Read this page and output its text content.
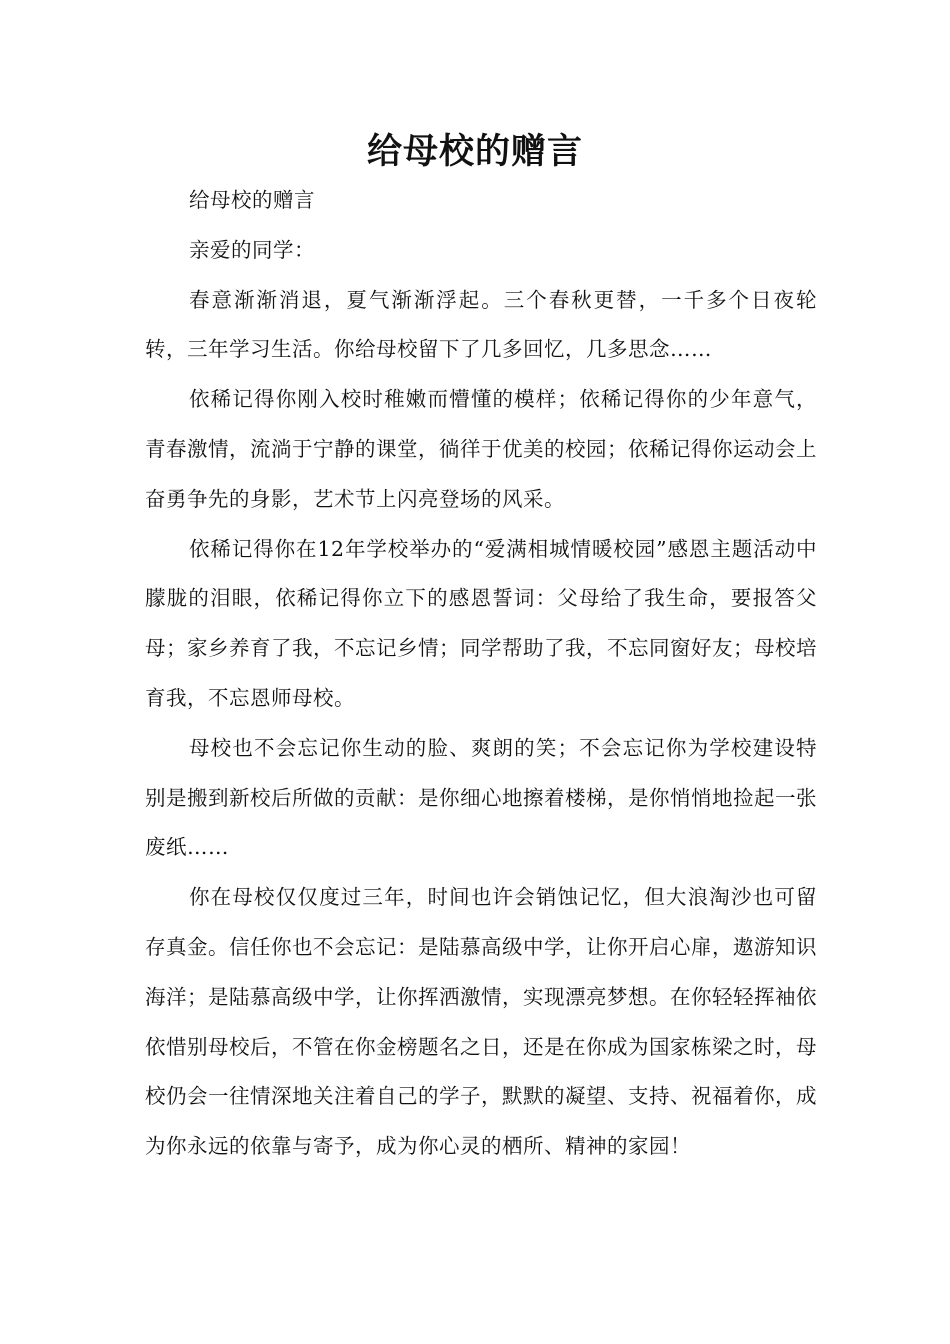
给母校的赠言

给母校的赠言

亲爱的同学：

春意渐渐消退，夏气渐渐浮起。三个春秋更替，一千多个日夜轮转，三年学习生活。你给母校留下了几多回忆，几多思念……

依稀记得你刚入校时稚嫩而懵懂的模样；依稀记得你的少年意气，青春激情，流淌于宁静的课堂，徜徉于优美的校园；依稀记得你运动会上奋勇争先的身影，艺术节上闪亮登场的风采。

依稀记得你在12年学校举办的“爱满相城情暖校园”感恩主题活动中朦胧的泪眼，依稀记得你立下的感恩誓词：父母给了我生命，要报答父母；家乡养育了我，不忘记乡情；同学帮助了我，不忘同窗好友；母校培育我，不忘恩师母校。

母校也不会忘记你生动的脸、爽朗的笑；不会忘记你为学校建设特别是搬到新校后所做的贡献：是你细心地擦着楼梯，是你悄悄地捡起一张废纸……

你在母校仅仅度过三年，时间也许会销蚀记忆，但大浪淘沙也可留存真金。信任你也不会忘记：是陆慕高级中学，让你开启心扉，遨游知识海洋；是陆慕高级中学，让你挥洒激情，实现漂亮梦想。在你轻轻挥袖依依惜别母校后，不管在你金榜题名之日，还是在你成为国家栋梁之时，母校仍会一往情深地关注着自己的学子，默默的凝望、支持、祝福着你，成为你永远的依靠与寄予，成为你心灵的栖所、精神的家园！
